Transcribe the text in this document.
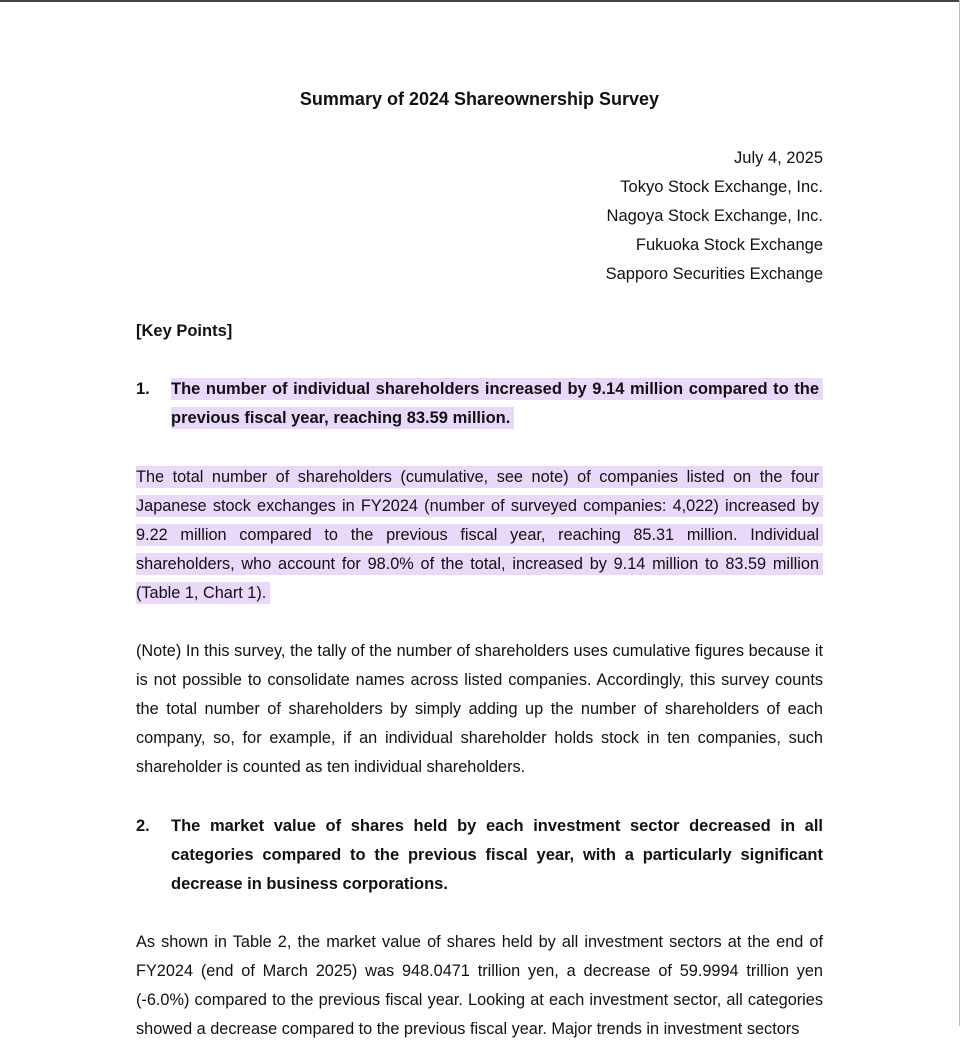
Summary of 2024 Shareownership Survey
July 4, 2025
Tokyo Stock Exchange, Inc.
Nagoya Stock Exchange, Inc.
Fukuoka Stock Exchange
Sapporo Securities Exchange
[Key Points]
1.	The number of individual shareholders increased by 9.14 million compared to the previous fiscal year, reaching 83.59 million.
The total number of shareholders (cumulative, see note) of companies listed on the four Japanese stock exchanges in FY2024 (number of surveyed companies: 4,022) increased by 9.22 million compared to the previous fiscal year, reaching 85.31 million. Individual shareholders, who account for 98.0% of the total, increased by 9.14 million to 83.59 million (Table 1, Chart 1).
(Note) In this survey, the tally of the number of shareholders uses cumulative figures because it is not possible to consolidate names across listed companies. Accordingly, this survey counts the total number of shareholders by simply adding up the number of shareholders of each company, so, for example, if an individual shareholder holds stock in ten companies, such shareholder is counted as ten individual shareholders.
2.	The market value of shares held by each investment sector decreased in all categories compared to the previous fiscal year, with a particularly significant decrease in business corporations.
As shown in Table 2, the market value of shares held by all investment sectors at the end of FY2024 (end of March 2025) was 948.0471 trillion yen, a decrease of 59.9994 trillion yen (-6.0%) compared to the previous fiscal year. Looking at each investment sector, all categories showed a decrease compared to the previous fiscal year. Major trends in investment sectors
